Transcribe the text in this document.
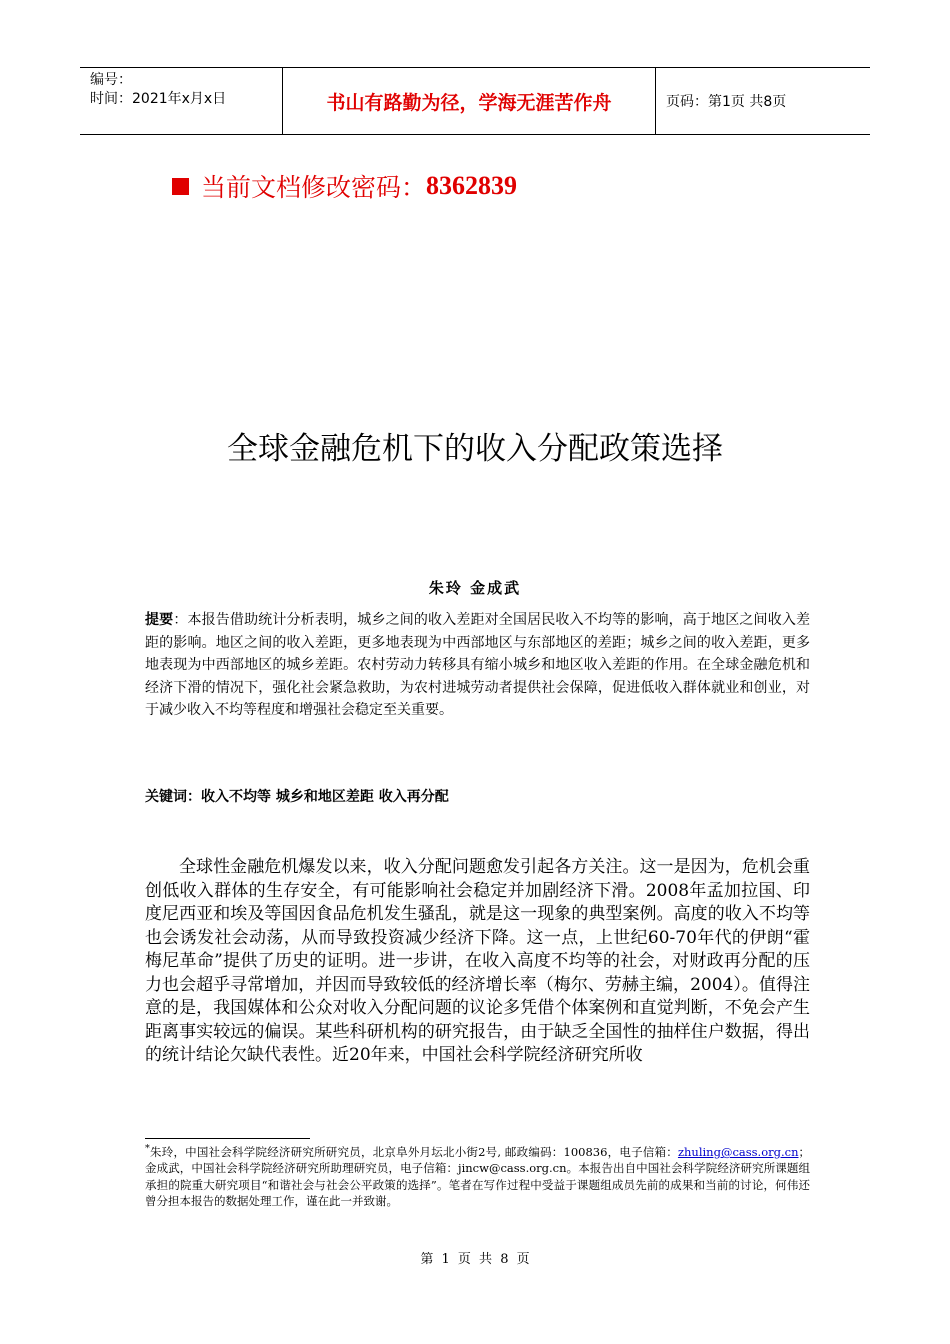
编号：
时间：2021年x月x日	书山有路勤为径，学海无涯苦作舟	页码：第1页 共8页
当前文档修改密码： 8362839
全球金融危机下的收入分配政策选择
朱玲 金成武
提要：本报告借助统计分析表明，城乡之间的收入差距对全国居民收入不均等的影响，高于地区之间收入差距的影响。地区之间的收入差距，更多地表现为中西部地区与东部地区的差距；城乡之间的收入差距，更多地表现为中西部地区的城乡差距。农村劳动力转移具有缩小城乡和地区收入差距的作用。在全球金融危机和经济下滑的情况下，强化社会紧急救助，为农村进城劳动者提供社会保障，促进低收入群体就业和创业，对于减少收入不均等程度和增强社会稳定至关重要。
关键词：收入不均等 城乡和地区差距 收入再分配
全球性金融危机爆发以来，收入分配问题愈发引起各方关注。这一是因为，危机会重创低收入群体的生存安全，有可能影响社会稳定并加剧经济下滑。2008年孟加拉国、印度尼西亚和埃及等国因食品危机发生骚乱，就是这一现象的典型案例。高度的收入不均等也会诱发社会动荡，从而导致投资减少经济下降。这一点，上世纪60-70年代的伊朗“霍梅尼革命”提供了历史的证明。进一步讲，在收入高度不均等的社会，对财政再分配的压力也会超乎寻常增加，并因而导致较低的经济增长率（梅尔、劳赫主编，2004）。值得注意的是，我国媒体和公众对收入分配问题的议论多凭借个体案例和直觉判断，不免会产生距离事实较远的偏误。某些科研机构的研究报告，由于缺乏全国性的抽样住户数据，得出的统计结论欠缺代表性。近20年来，中国社会科学院经济研究所收
*朱玲，中国社会科学院经济研究所研究员，北京阜外月坛北小街2号, 邮政编码：100836，电子信箱：zhuling@cass.org.cn；金成武，中国社会科学院经济研究所助理研究员，电子信箱：jincw@cass.org.cn。本报告出自中国社会科学院经济研究所课题组承担的院重大研究项目“和谐社会与社会公平政策的选择”。笔者在写作过程中受益于课题组成员先前的成果和当前的讨论，何伟还曾分担本报告的数据处理工作，谨在此一并致谢。
第 1 页 共 8 页
